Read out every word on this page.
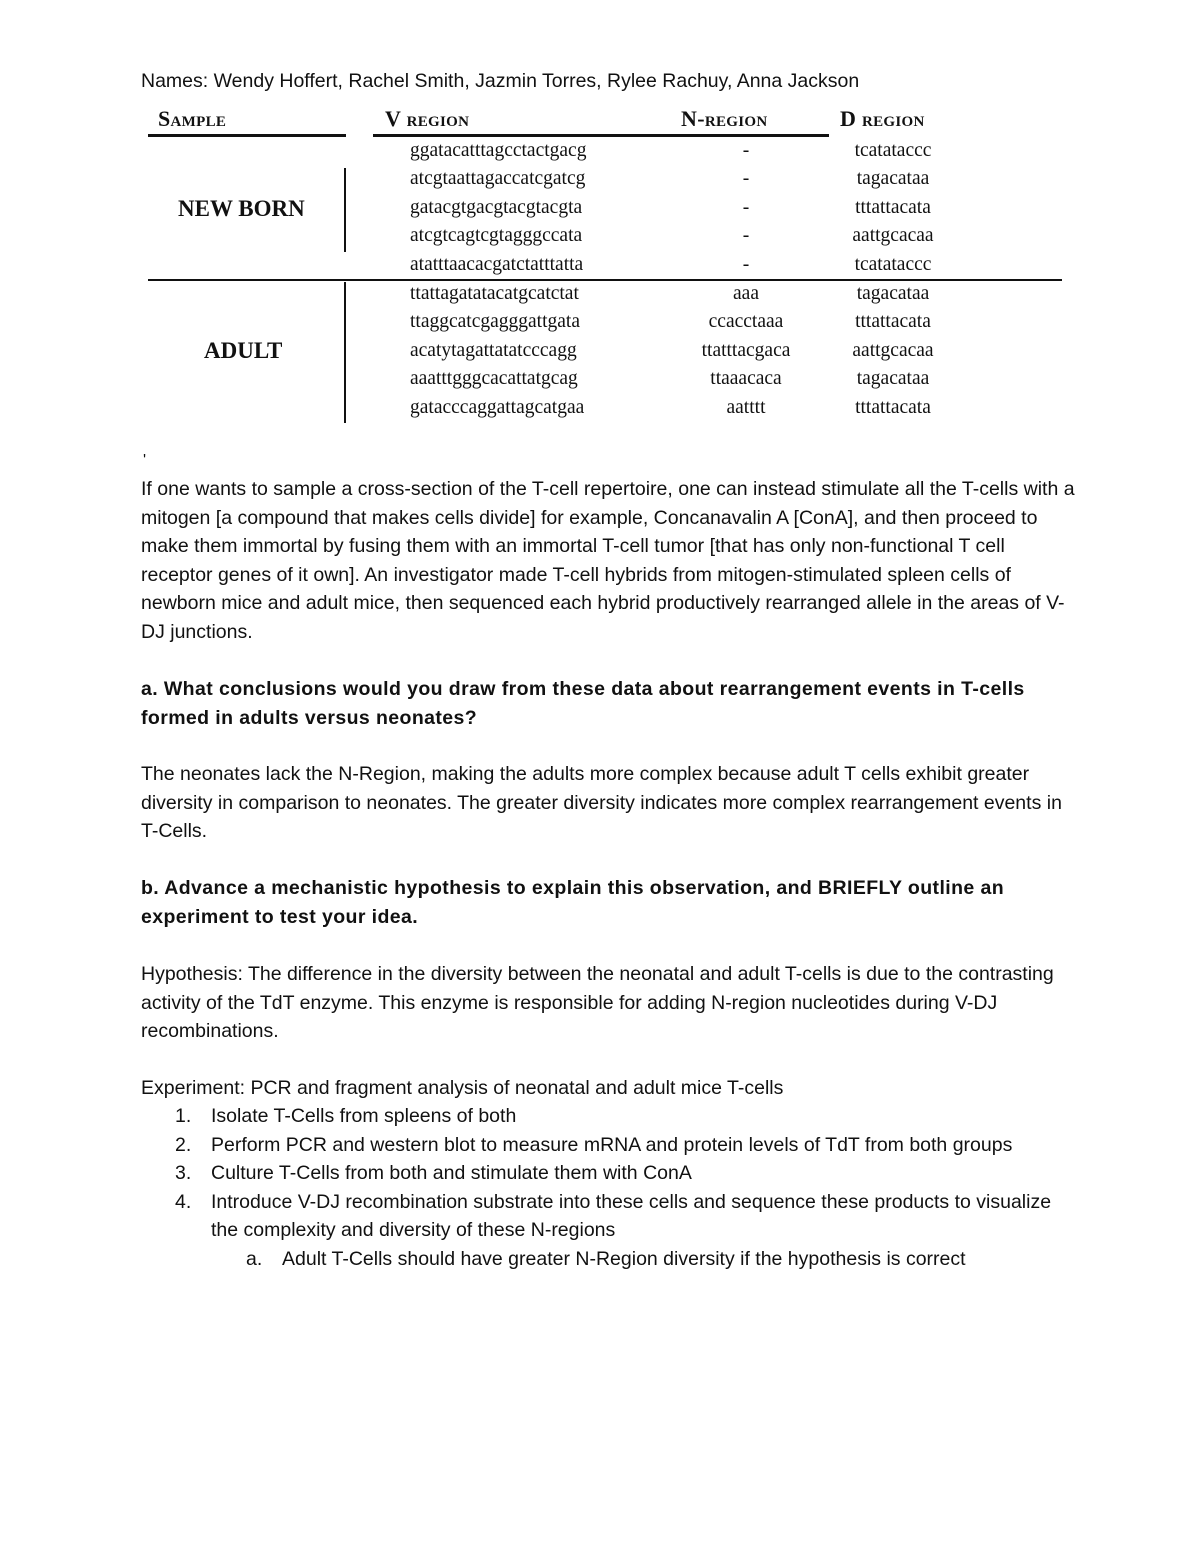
Names: Wendy Hoffert, Rachel Smith, Jazmin Torres, Rylee Rachuy, Anna Jackson
Sample	V region	N-region	D region
NEW BORN
ADULT
ggatacatttagcctactgacg	-	tcatataccc
atcgtaattagaccatcgatcg	-	tagacataa
gatacgtgacgtacgtacgta	-	tttattacata
atcgtcagtcgtagggccata	-	aattgcacaa
atatttaacacgatctatttatta	-	tcatataccc
ttattagatatacatgcatctat	aaa	tagacataa
ttaggcatcgagggattgata	ccacctaaa	tttattacata
acatytagattatatcccagg	ttatttacgaca	aattgcacaa
aaatttgggcacattatgcag	ttaaacaca	tagacataa
gatacccaggattagcatgaa	aatttt	tttattacata
'

If one wants to sample a cross-section of the T-cell repertoire, one can instead stimulate all the T-cells with a mitogen [a compound that makes cells divide] for example, Concanavalin A [ConA], and then proceed to make them immortal by fusing them with an immortal T-cell tumor [that has only non-functional T cell receptor genes of it own]. An investigator made T-cell hybrids from mitogen-stimulated spleen cells of newborn mice and adult mice, then sequenced each hybrid productively rearranged allele in the areas of V-DJ junctions.

a. What conclusions would you draw from these data about rearrangement events in T-cells formed in adults versus neonates?

The neonates lack the N-Region, making the adults more complex because adult T cells exhibit greater diversity in comparison to neonates. The greater diversity indicates more complex rearrangement events in T-Cells.

b. Advance a mechanistic hypothesis to explain this observation, and BRIEFLY outline an experiment to test your idea.

Hypothesis: The difference in the diversity between the neonatal and adult T-cells is due to the contrasting activity of the TdT enzyme. This enzyme is responsible for adding N-region nucleotides during V-DJ recombinations.

Experiment: PCR and fragment analysis of neonatal and adult mice T-cells

1. Isolate T-Cells from spleens of both
2. Perform PCR and western blot to measure mRNA and protein levels of TdT from both groups
3. Culture T-Cells from both and stimulate them with ConA
4. Introduce V-DJ recombination substrate into these cells and sequence these products to visualize the complexity and diversity of these N-regions
a. Adult T-Cells should have greater N-Region diversity if the hypothesis is correct
